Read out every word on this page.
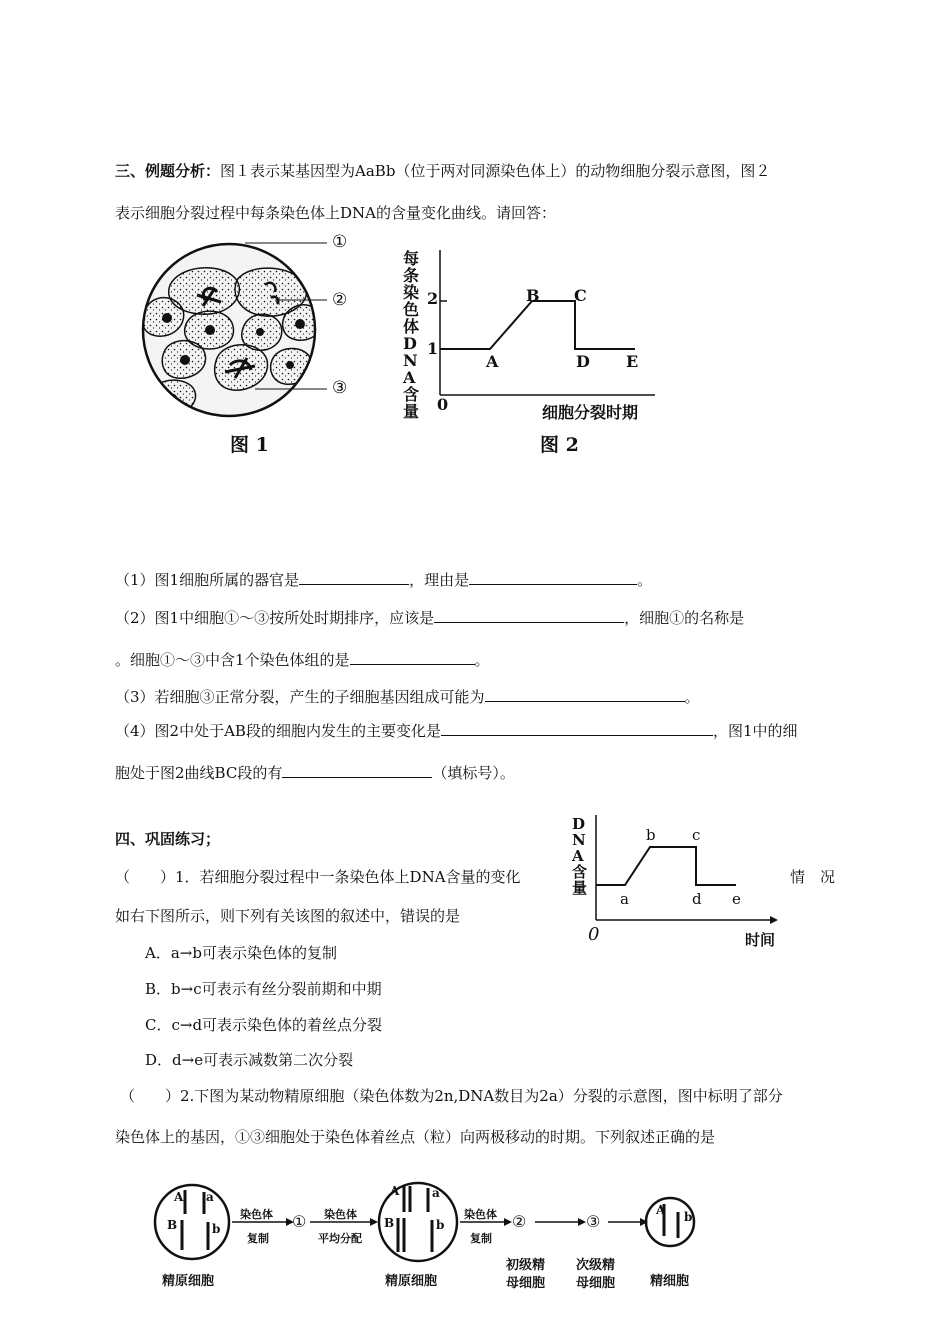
三、例题分析：图１表示某基因型为AaBb（位于两对同源染色体上）的动物细胞分裂示意图，图２
表示细胞分裂过程中每条染色体上DNA的含量变化曲线。请回答：
①
②
③
图 1
每条染色体DNA含量
2
1
0
A
B C
D E
细胞分裂时期
图 2
（1）图1细胞所属的器官是	，理由是	。
（2）图1中细胞①～③按所处时期排序，应该是	，细胞①的名称是
。细胞①～③中含1个染色体组的是	。
（3）若细胞③正常分裂，产生的子细胞基因组成可能为	。
（4）图2中处于AB段的细胞内发生的主要变化是	，图1中的细
胞处于图2曲线BC段的有	（填标号）。
四、巩固练习；
（　　）1．若细胞分裂过程中一条染色体上DNA含量的变化	情　况
如右下图所示，则下列有关该图的叙述中，错误的是
A．a→b可表示染色体的复制
B．b→c可表示有丝分裂前期和中期
C．c→d可表示染色体的着丝点分裂
D．d→e可表示减数第二次分裂
DNA含量
a
b c
d e
0	时间
（　　）2.下图为某动物精原细胞（染色体数为2n,DNA数目为2a）分裂的示意图，图中标明了部分
染色体上的基因，①③细胞处于染色体着丝点（粒）向两极移动的时期。下列叙述正确的是
A a
B	b
A	a
B	b
A b
染色体
复制
① 染色体
平均分配
染色体
复制
②	③
精原细胞	精原细胞
初级精
母细胞
次级精
母细胞	精细胞
